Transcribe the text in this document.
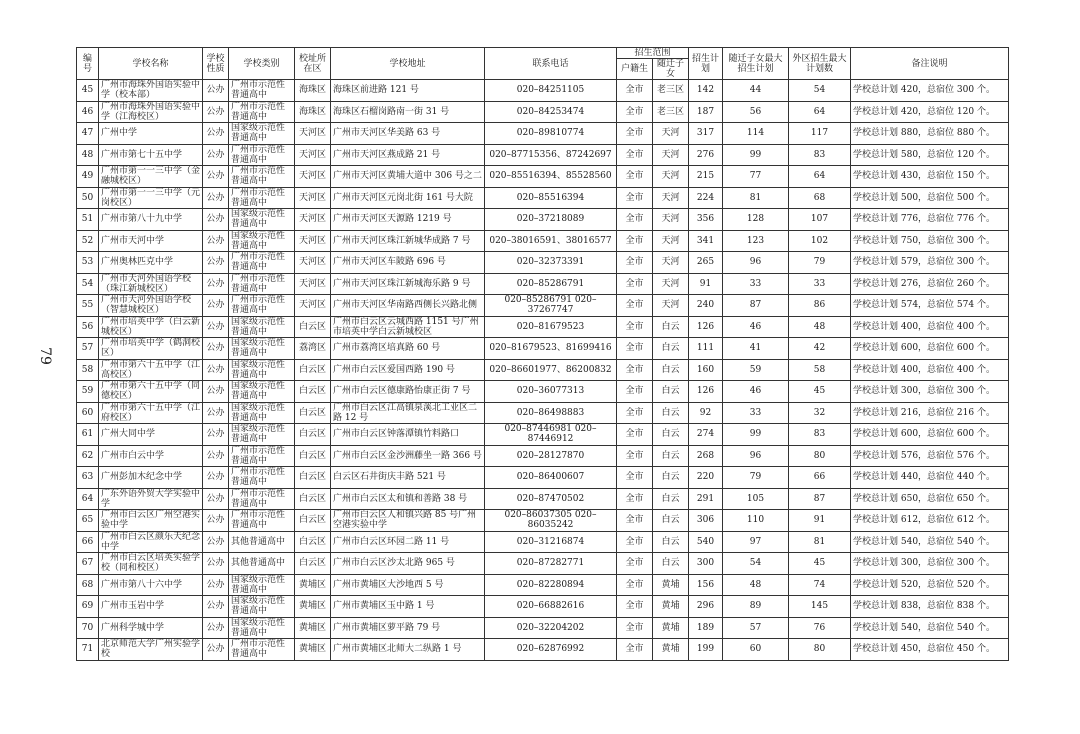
79
编号	学校名称	学校性质	学校类别	校址所在区	学校地址	联系电话	招生范围		招生计划	随迁子女最大招生计划	外区招生最大计划数	备注说明
							户籍生	随迁子女				
45	广州市海珠外国语实验中学（校本部）	公办	广州市示范性普通高中	海珠区	海珠区前进路 121 号	020–84251105	全市	老三区	142	44	54	学校总计划 420，总宿位 300 个。
46	广州市海珠外国语实验中学（江海校区）	公办	广州市示范性普通高中	海珠区	海珠区石榴岗路南一街 31 号	020–84253474	全市	老三区	187	56	64	学校总计划 420，总宿位 120 个。
47	广州中学	公办	国家级示范性普通高中	天河区	广州市天河区华美路 63 号	020–89810774	全市	天河	317	114	117	学校总计划 880，总宿位 880 个。
48	广州市第七十五中学	公办	广州市示范性普通高中	天河区	广州市天河区燕成路 21 号	020–87715356、87242697	全市	天河	276	99	83	学校总计划 580，总宿位 120 个。
49	广州市第一一三中学（金融城校区）	公办	广州市示范性普通高中	天河区	广州市天河区黄埔大道中 306 号之二	020–85516394、85528560	全市	天河	215	77	64	学校总计划 430，总宿位 150 个。
50	广州市第一一三中学（元岗校区）	公办	广州市示范性普通高中	天河区	广州市天河区元岗北街 161 号大院	020–85516394	全市	天河	224	81	68	学校总计划 500，总宿位 500 个。
51	广州市第八十九中学	公办	国家级示范性普通高中	天河区	广州市天河区天源路 1219 号	020–37218089	全市	天河	356	128	107	学校总计划 776，总宿位 776 个。
52	广州市天河中学	公办	国家级示范性普通高中	天河区	广州市天河区珠江新城华成路 7 号	020–38016591、38016577	全市	天河	341	123	102	学校总计划 750，总宿位 300 个。
53	广州奥林匹克中学	公办	广州市示范性普通高中	天河区	广州市天河区车陂路 696 号	020–32373391	全市	天河	265	96	79	学校总计划 579，总宿位 300 个。
54	广州市天河外国语学校（珠江新城校区）	公办	广州市示范性普通高中	天河区	广州市天河区珠江新城海乐路 9 号	020–85286791	全市	天河	91	33	33	学校总计划 276，总宿位 260 个。
55	广州市天河外国语学校（智慧城校区）	公办	广州市示范性普通高中	天河区	广州市天河区华南路西侧长兴路北侧	020–85286791 020–37267747	全市	天河	240	87	86	学校总计划 574，总宿位 574 个。
56	广州市培英中学（白云新城校区）	公办	国家级示范性普通高中	白云区	广州市白云区云城西路 1151 号广州市培英中学白云新城校区	020–81679523	全市	白云	126	46	48	学校总计划 400，总宿位 400 个。
57	广州市培英中学（鹤洞校区）	公办	国家级示范性普通高中	荔湾区	广州市荔湾区培真路 60 号	020–81679523、81699416	全市	白云	111	41	42	学校总计划 600，总宿位 600 个。
58	广州市第六十五中学（江高校区）	公办	国家级示范性普通高中	白云区	广州市白云区爱国西路 190 号	020–86601977、86200832	全市	白云	160	59	58	学校总计划 400，总宿位 400 个。
59	广州市第六十五中学（同德校区）	公办	国家级示范性普通高中	白云区	广州市白云区德康路怡康正街 7 号	020–36077313	全市	白云	126	46	45	学校总计划 300，总宿位 300 个。
60	广州市第六十五中学（江府校区）	公办	国家级示范性普通高中	白云区	广州市白云区江高镇泉溪北工业区二路 12 号	020–86498883	全市	白云	92	33	32	学校总计划 216，总宿位 216 个。
61	广州大同中学	公办	国家级示范性普通高中	白云区	广州市白云区钟落潭镇竹料路口	020–87446981 020–87446912	全市	白云	274	99	83	学校总计划 600，总宿位 600 个。
62	广州市白云中学	公办	广州市示范性普通高中	白云区	广州市白云区金沙洲藤坐一路 366 号	020–28127870	全市	白云	268	96	80	学校总计划 576，总宿位 576 个。
63	广州彭加木纪念中学	公办	广州市示范性普通高中	白云区	白云区石井街庆丰路 521 号	020–86400607	全市	白云	220	79	66	学校总计划 440，总宿位 440 个。
64	广东外语外贸大学实验中学	公办	广州市示范性普通高中	白云区	广州市白云区太和镇和善路 38 号	020–87470502	全市	白云	291	105	87	学校总计划 650，总宿位 650 个。
65	广州市白云区广州空港实验中学	公办	广州市示范性普通高中	白云区	广州市白云区人和镇兴路 85 号广州空港实验中学	020–86037305 020–86035242	全市	白云	306	110	91	学校总计划 612，总宿位 612 个。
66	广州市白云区颜乐天纪念中学	公办	其他普通高中	白云区	广州市白云区环园二路 11 号	020–31216874	全市	白云	540	97	81	学校总计划 540，总宿位 540 个。
67	广州市白云区培英实验学校（同和校区）	公办	其他普通高中	白云区	广州市白云区沙太北路 965 号	020–87282771	全市	白云	300	54	45	学校总计划 300，总宿位 300 个。
68	广州市第八十六中学	公办	国家级示范性普通高中	黄埔区	广州市黄埔区大沙地西 5 号	020–82280894	全市	黄埔	156	48	74	学校总计划 520，总宿位 520 个。
69	广州市玉岩中学	公办	国家级示范性普通高中	黄埔区	广州市黄埔区玉中路 1 号	020–66882616	全市	黄埔	296	89	145	学校总计划 838，总宿位 838 个。
70	广州科学城中学	公办	国家级示范性普通高中	黄埔区	广州市黄埔区萝平路 79 号	020–32204202	全市	黄埔	189	57	76	学校总计划 540，总宿位 540 个。
71	北京师范大学广州实验学校	公办	广州市示范性普通高中	黄埔区	广州市黄埔区北师大二纵路 1 号	020–62876992	全市	黄埔	199	60	80	学校总计划 450，总宿位 450 个。
